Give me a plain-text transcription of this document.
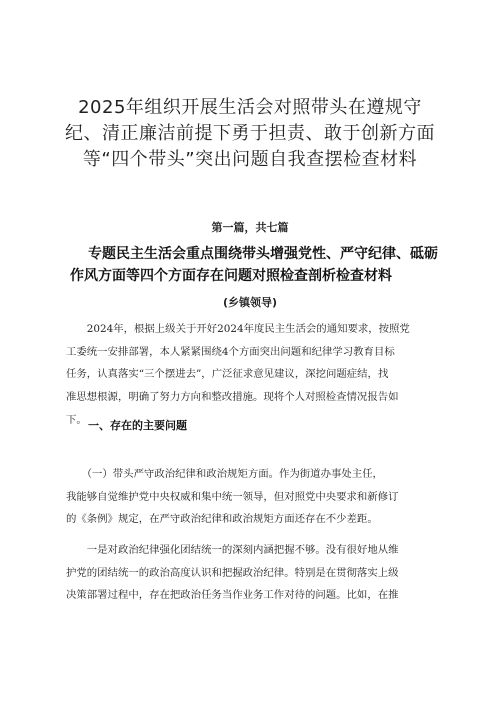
2025年组织开展生活会对照带头在遵规守
纪、清正廉洁前提下勇于担责、敢于创新方面
等“四个带头”突出问题自我查摆检查材料
第一篇，共七篇
专题民主生活会重点围绕带头增强党性、严守纪律、砥砺
作风方面等四个方面存在问题对照检查剖析检查材料
(乡镇领导)
　　2024年，根据上级关于开好2024年度民主生活会的通知要求，按照党
工委统一安排部署，本人紧紧围绕4个方面突出问题和纪律学习教育目标
任务，认真落实“三个摆进去”，广泛征求意见建议，深挖问题症结，找
准思想根源，明确了努力方向和整改措施。现将个人对照检查情况报告如
下。 一、存在的主要问题
　　（一）带头严守政治纪律和政治规矩方面。作为街道办事处主任，
我能够自觉维护党中央权威和集中统一领导，但对照党中央要求和新修订
的《条例》规定，在严守政治纪律和政治规矩方面还存在不少差距。
　　一是对政治纪律强化团结统一的深刻内涵把握不够。没有很好地从维
护党的团结统一的政治高度认识和把握政治纪律。特别是在贯彻落实上级
决策部署过程中，存在把政治任务当作业务工作对待的问题。比如，在推
